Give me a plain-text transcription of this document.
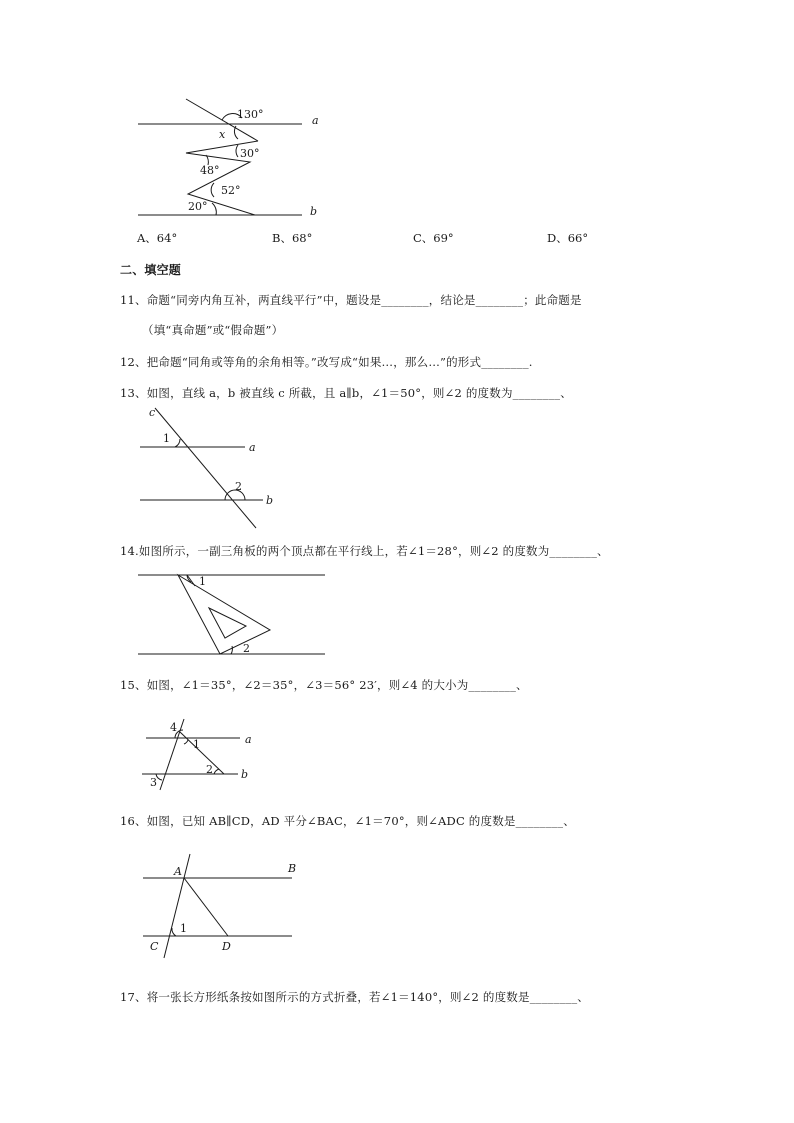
130°
x
30°
48°
52°
20°
a
b
A、64°	B、68°	C、69°	D、66°
二、填空题
11、命题“同旁内角互补，两直线平行”中，题设是________，结论是________；此命题是
（填“真命题”或“假命题”）
12、把命题“同角或等角的余角相等。”改写成“如果…，那么…”的形式________.
13、如图，直线 a，b 被直线 c 所截，且 a∥b，∠1＝50°，则∠2 的度数为________、
c
1
a
2
b
14.如图所示，一副三角板的两个顶点都在平行线上，若∠1＝28°，则∠2 的度数为________、
1
2
15、如图，∠1＝35°，∠2＝35°，∠3＝56° 23′，则∠4 的大小为________、
4
1	a
2
3
b
16、如图，已知 AB∥CD，AD 平分∠BAC，∠1＝70°，则∠ADC 的度数是________、
A	B
1
C	D
17、将一张长方形纸条按如图所示的方式折叠，若∠1＝140°，则∠2 的度数是________、
